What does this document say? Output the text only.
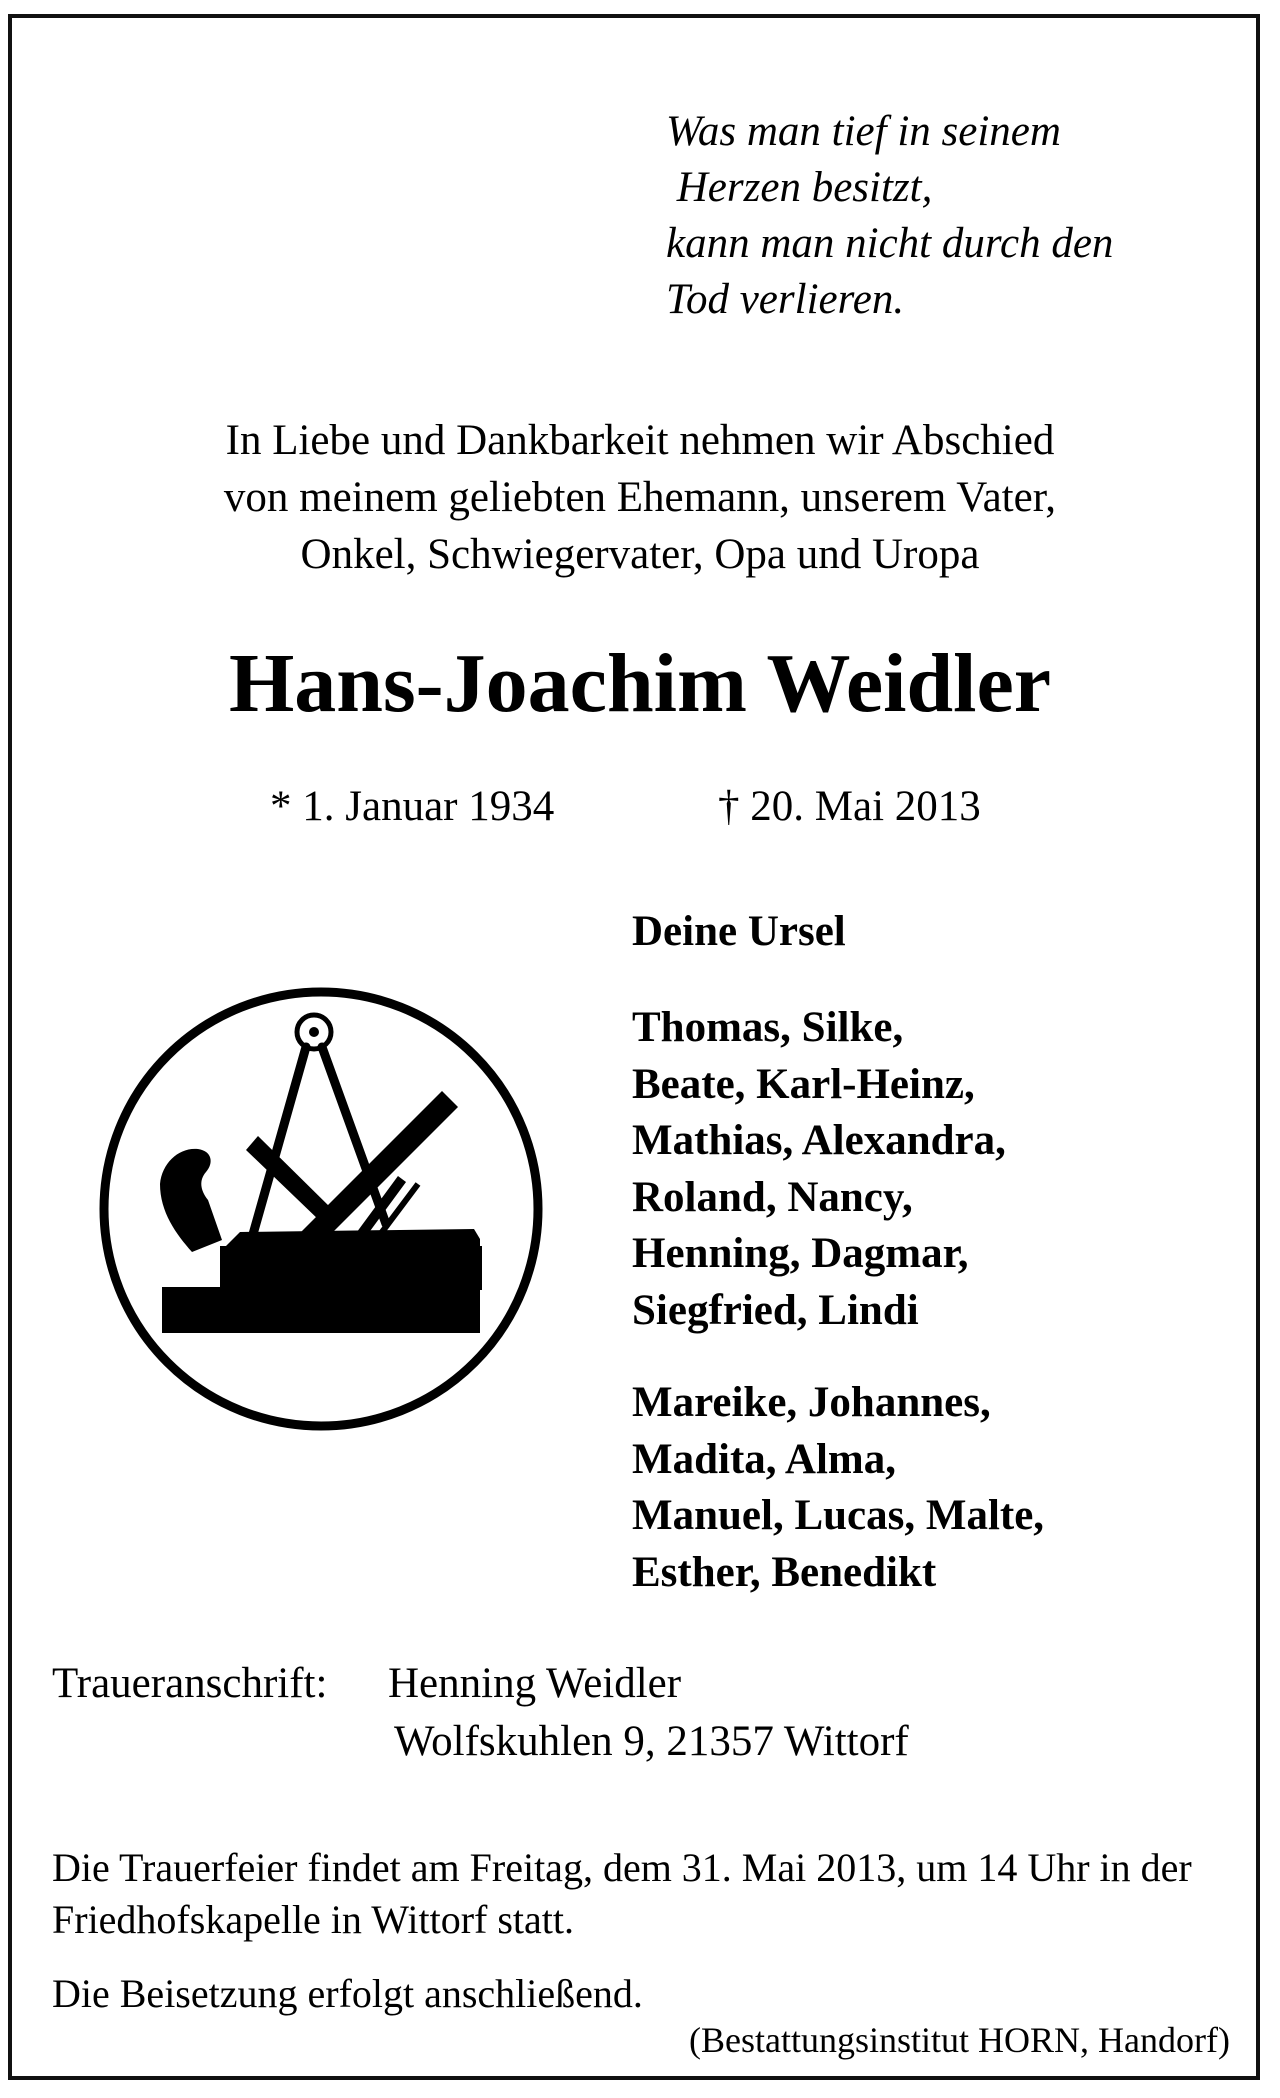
Was man tief in seinem
Herzen besitzt,
kann man nicht durch den
Tod verlieren.
In Liebe und Dankbarkeit nehmen wir Abschied
von meinem geliebten Ehemann, unserem Vater,
Onkel, Schwiegervater, Opa und Uropa
Hans-Joachim Weidler
* 1. Januar 1934	† 20. Mai 2013
Deine Ursel
Thomas, Silke,
Beate, Karl-Heinz,
Mathias, Alexandra,
Roland, Nancy,
Henning, Dagmar,
Siegfried, Lindi
Mareike, Johannes,
Madita, Alma,
Manuel, Lucas, Malte,
Esther, Benedikt
Traueranschrift: Henning Weidler
Wolfskuhlen 9, 21357 Wittorf
Die Trauerfeier findet am Freitag, dem 31. Mai 2013, um 14 Uhr in der Friedhofskapelle in Wittorf statt.
Die Beisetzung erfolgt anschließend.
(Bestattungsinstitut HORN, Handorf)
